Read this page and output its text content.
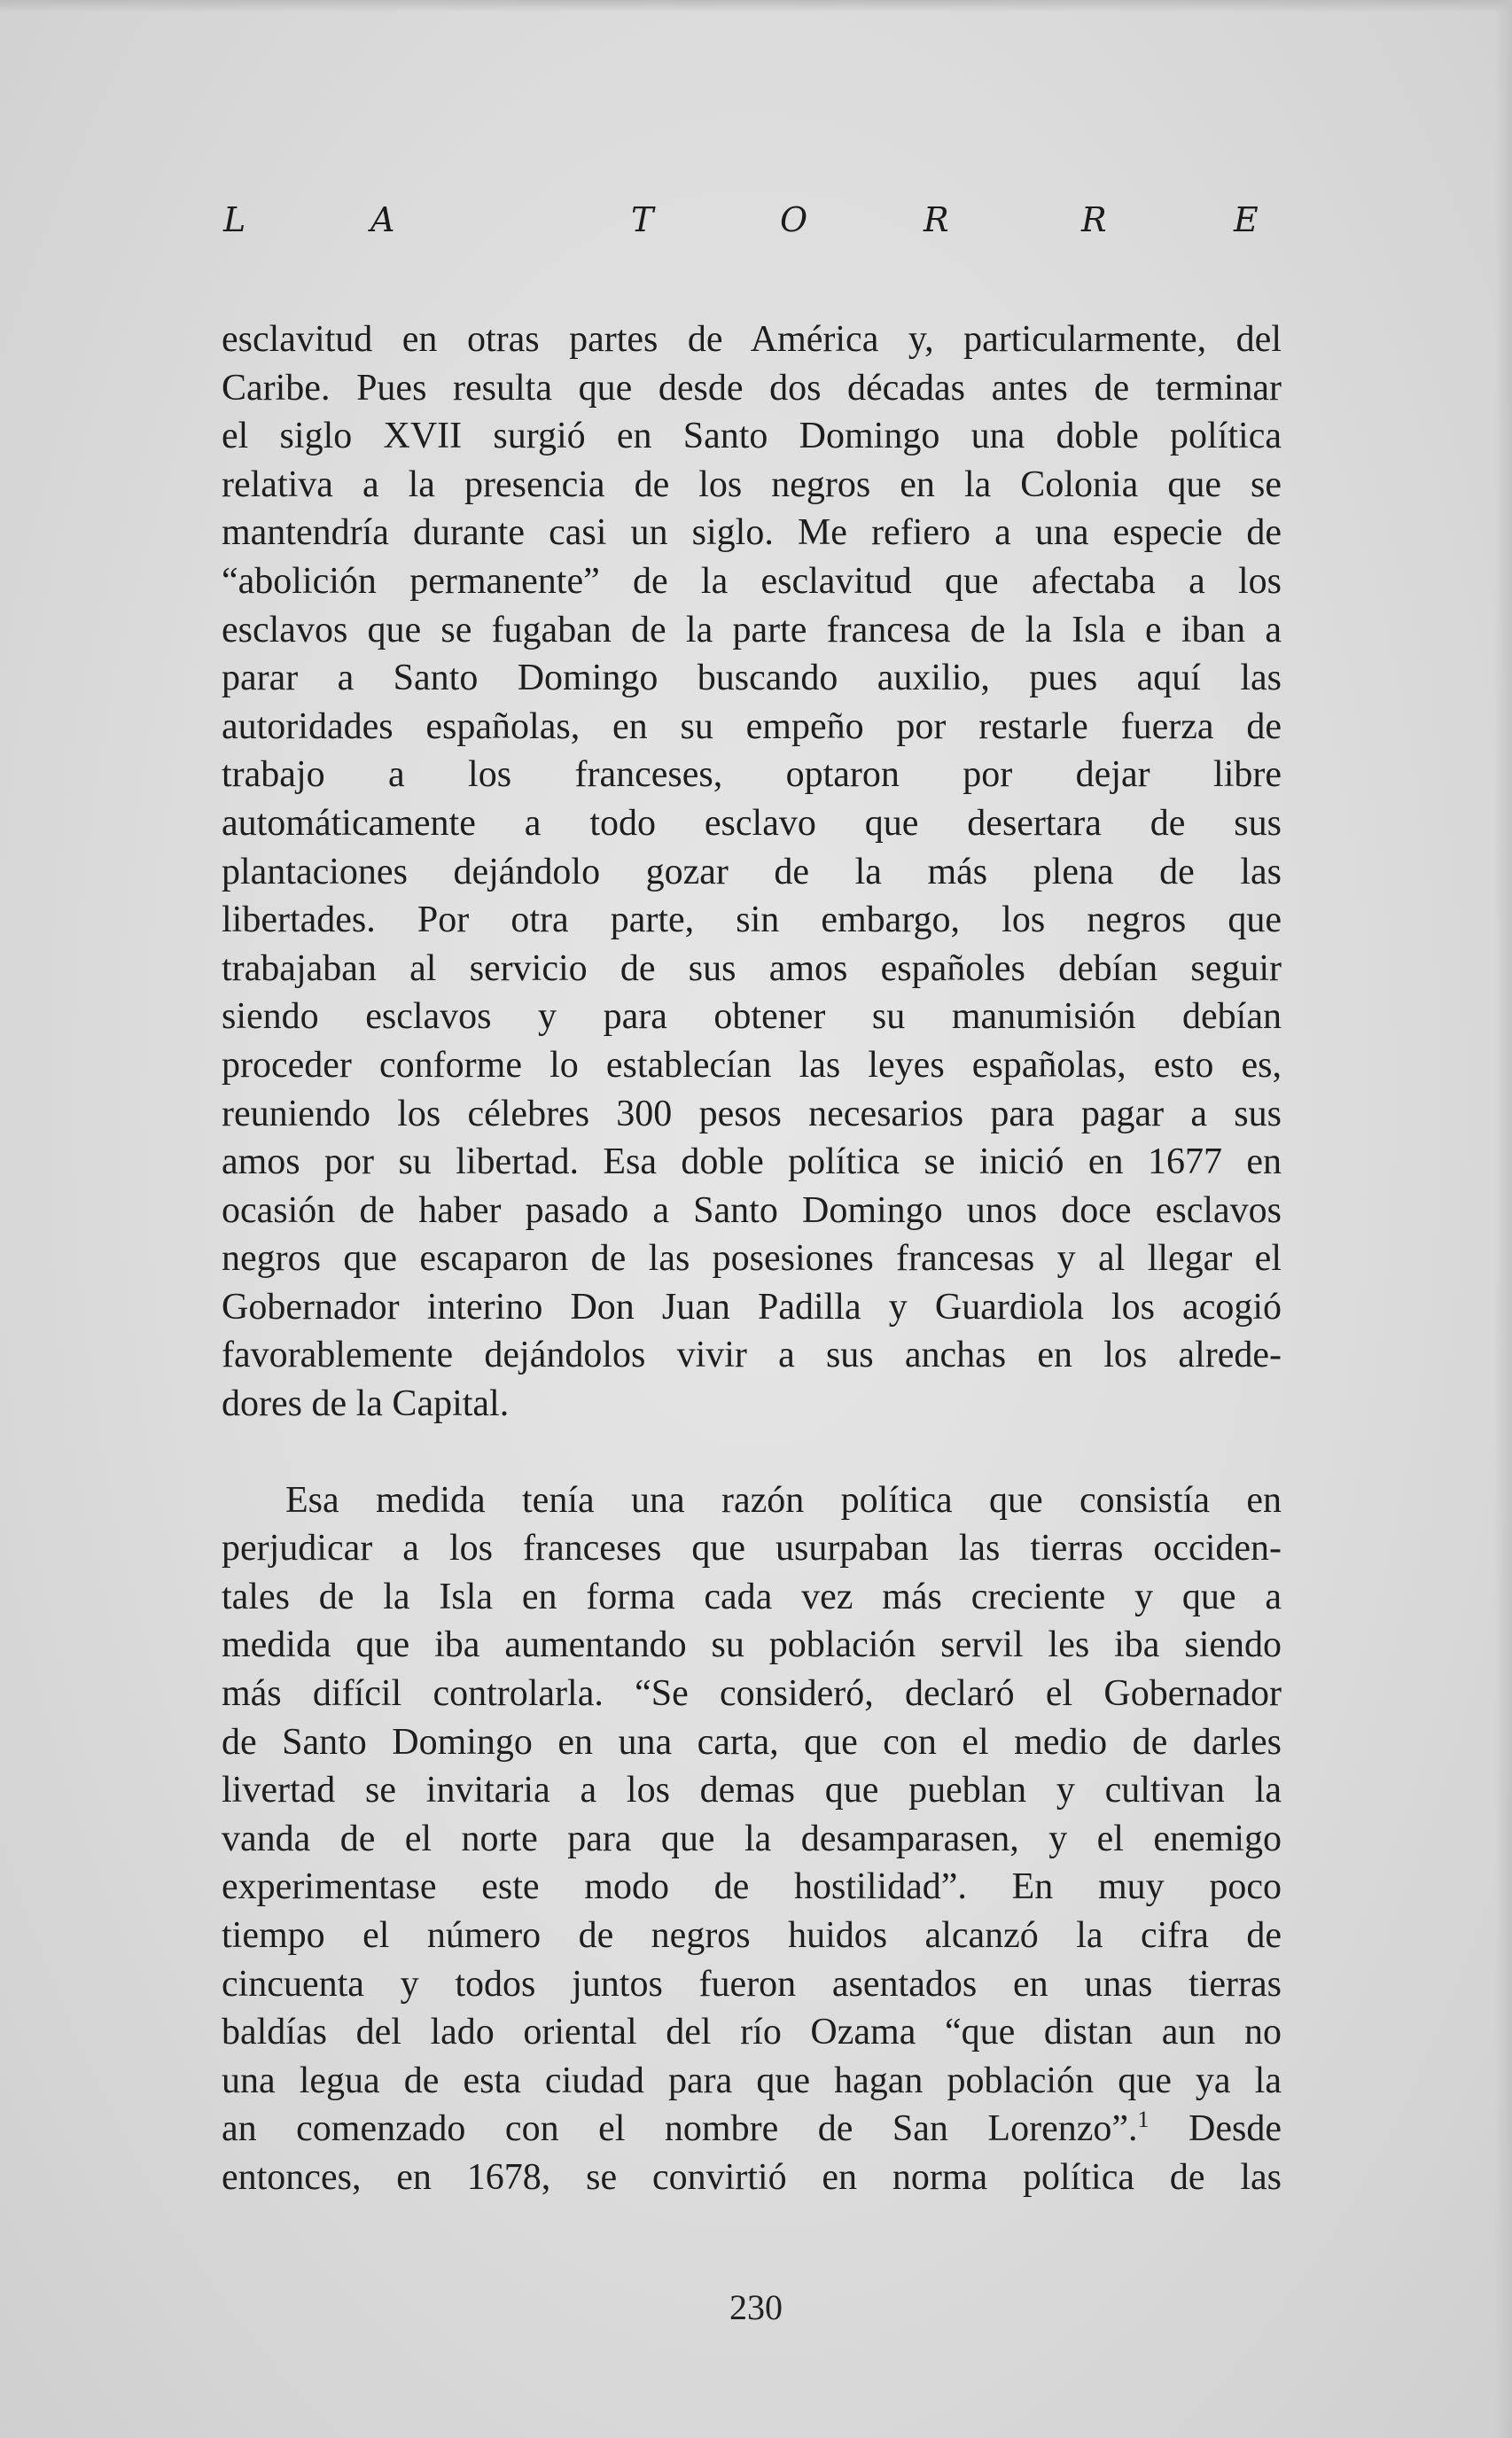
L	A	T	O	R	R	E

esclavitud en otras partes de América y, particularmente, del
Caribe. Pues resulta que desde dos décadas antes de terminar
el siglo XVII surgió en Santo Domingo una doble política
relativa a la presencia de los negros en la Colonia que se
mantendría durante casi un siglo. Me refiero a una especie de
“abolición permanente” de la esclavitud que afectaba a los
esclavos que se fugaban de la parte francesa de la Isla e iban a
parar a Santo Domingo buscando auxilio, pues aquí las
autoridades españolas, en su empeño por restarle fuerza de
trabajo a los franceses, optaron por dejar libre
automáticamente a todo esclavo que desertara de sus
plantaciones dejándolo gozar de la más plena de las
libertades. Por otra parte, sin embargo, los negros que
trabajaban al servicio de sus amos españoles debían seguir
siendo esclavos y para obtener su manumisión debían
proceder conforme lo establecían las leyes españolas, esto es,
reuniendo los célebres 300 pesos necesarios para pagar a sus
amos por su libertad. Esa doble política se inició en 1677 en
ocasión de haber pasado a Santo Domingo unos doce esclavos
negros que escaparon de las posesiones francesas y al llegar el
Gobernador interino Don Juan Padilla y Guardiola los acogió
favorablemente dejándolos vivir a sus anchas en los alrede-
dores de la Capital.

Esa medida tenía una razón política que consistía en
perjudicar a los franceses que usurpaban las tierras occiden-
tales de la Isla en forma cada vez más creciente y que a
medida que iba aumentando su población servil les iba siendo
más difícil controlarla. “Se consideró, declaró el Gobernador
de Santo Domingo en una carta, que con el medio de darles
livertad se invitaria a los demas que pueblan y cultivan la
vanda de el norte para que la desamparasen, y el enemigo
experimentase este modo de hostilidad”. En muy poco
tiempo el número de negros huidos alcanzó la cifra de
cincuenta y todos juntos fueron asentados en unas tierras
baldías del lado oriental del río Ozama “que distan aun no
una legua de esta ciudad para que hagan población que ya la
an comenzado con el nombre de San Lorenzo”.$^1$ Desde
entonces, en 1678, se convirtió en norma política de las

230
